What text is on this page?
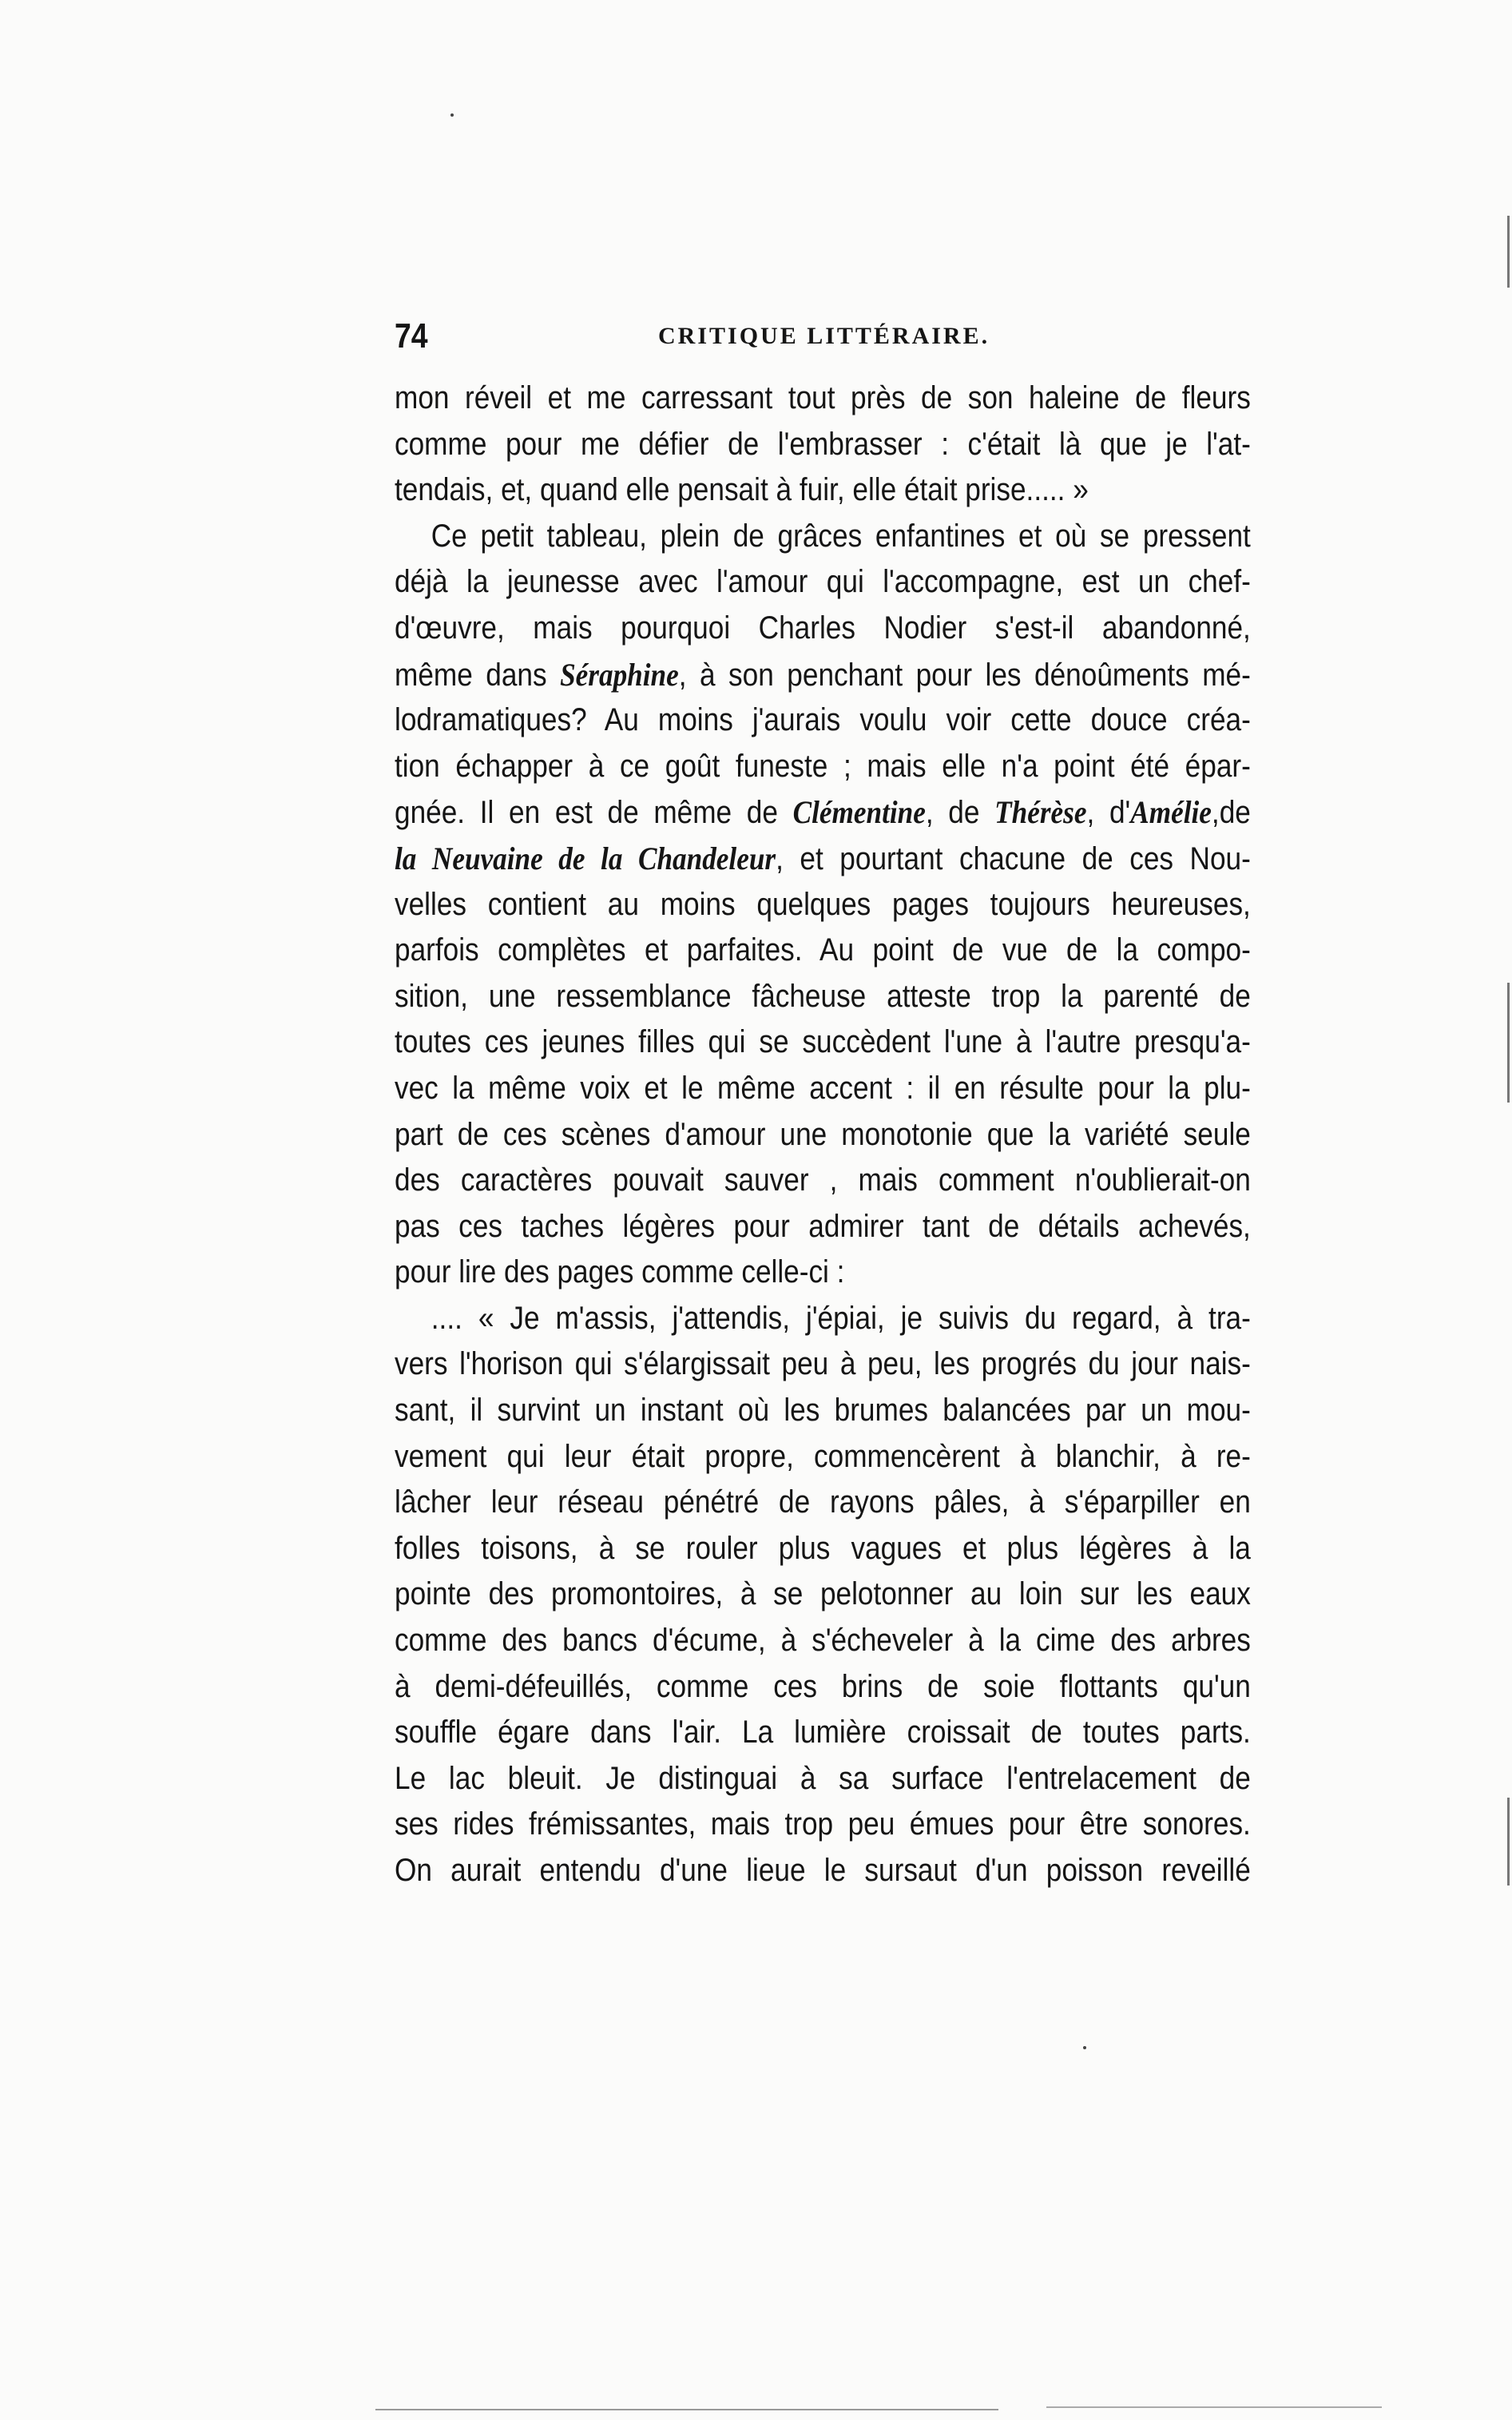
74	CRITIQUE LITTÉRAIRE.
mon réveil et me carressant tout près de son haleine de fleurs
comme pour me défier de l'embrasser : c'était là que je l'at-
tendais, et, quand elle pensait à fuir, elle était prise..... »
Ce petit tableau, plein de grâces enfantines et où se pressent
déjà la jeunesse avec l'amour qui l'accompagne, est un chef-
d'œuvre, mais pourquoi Charles Nodier s'est-il abandonné,
même dans Séraphine, à son penchant pour les dénoûments mé-
lodramatiques? Au moins j'aurais voulu voir cette douce créa-
tion échapper à ce goût funeste ; mais elle n'a point été épar-
gnée. Il en est de même de Clémentine, de Thérèse, d'Amélie,de
la Neuvaine de la Chandeleur, et pourtant chacune de ces Nou-
velles contient au moins quelques pages toujours heureuses,
parfois complètes et parfaites. Au point de vue de la compo-
sition, une ressemblance fâcheuse atteste trop la parenté de
toutes ces jeunes filles qui se succèdent l'une à l'autre presqu'a-
vec la même voix et le même accent : il en résulte pour la plu-
part de ces scènes d'amour une monotonie que la variété seule
des caractères pouvait sauver , mais comment n'oublierait-on
pas ces taches légères pour admirer tant de détails achevés,
pour lire des pages comme celle-ci :
.... « Je m'assis, j'attendis, j'épiai, je suivis du regard, à tra-
vers l'horison qui s'élargissait peu à peu, les progrés du jour nais-
sant, il survint un instant où les brumes balancées par un mou-
vement qui leur était propre, commencèrent à blanchir, à re-
lâcher leur réseau pénétré de rayons pâles, à s'éparpiller en
folles toisons, à se rouler plus vagues et plus légères à la
pointe des promontoires, à se pelotonner au loin sur les eaux
comme des bancs d'écume, à s'écheveler à la cime des arbres
à demi-défeuillés, comme ces brins de soie flottants qu'un
souffle égare dans l'air. La lumière croissait de toutes parts.
Le lac bleuit. Je distinguai à sa surface l'entrelacement de
ses rides frémissantes, mais trop peu émues pour être sonores.
On aurait entendu d'une lieue le sursaut d'un poisson reveillé
